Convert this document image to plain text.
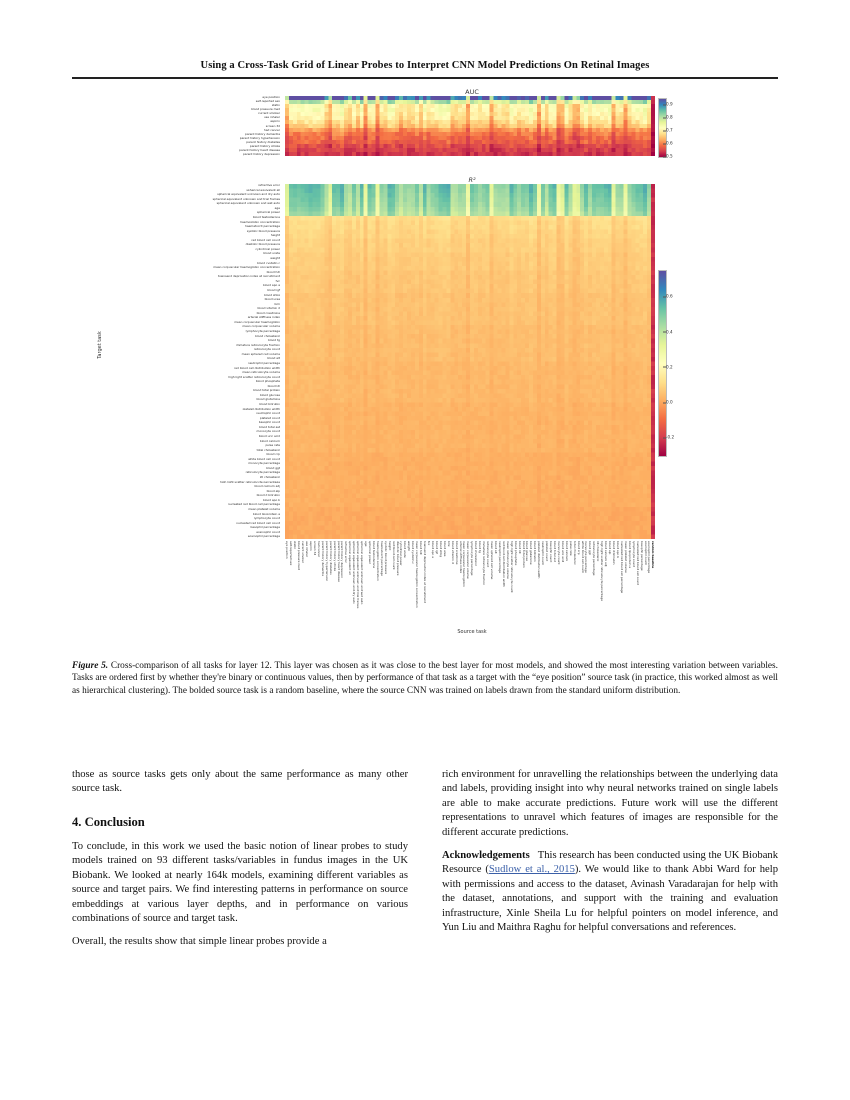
Using a Cross-Task Grid of Linear Probes to Interpret CNN Model Predictions On Retinal Images
AUC
eye position
self-reported sex
statin
blood pressure med
current smoker
use inhaler
aspirin
screen 3d
had cancer
parent history dementia
parent history hypertension
parent history diabetes
parent history stroke
parent history heart disease
parent history depression
0.9
0.8
0.7
0.6
0.5
R²
refractive error
spherical equivalent all
spherical equivalent unknown and dry auto
spherical equivalent unknown and trial frames
spherical equivalent unknown and wet auto
age
spherical power
blood testosterone
haemoglobin concentration
haematocrit percentage
systolic blood pressure
height
red blood cell count
diastolic blood pressure
cylindrical power
blood urate
weight
blood cystatin c
mean corpuscular haemoglobin concentration
blood hdl
townsend deprivation index at recruitment
fvc
blood apo a
blood igf
blood shbg
blood urea
bmi
blood vitamin d
blood creatinine
arterial stiffness index
mean corpuscular haemoglobin
mean corpuscular volume
lymphocyte percentage
blood cholesterol
blood tg
immature reticulocyte fraction
reticulocyte count
mean sphered cell volume
blood alt
neutrophil percentage
red blood cell distribution width
mean reticulocyte volume
high light scatter reticulocyte count
blood phosphate
blood ldl
blood total protein
blood glucose
blood glutamine
blood bilirubin
platelet distribution width
neutrophil count
platelet count
basophil count
blood total ast
monocyte count
blood uric acid
blood calcium
pulse rate
total cholesterol
blood crp
white blood cell count
monocyte percentage
blood ggt
reticulocyte percentage
ldl cholesterol
high light scatter reticulocyte percentage
blood calcium adj
blood alp
blood d bilirubin
blood apo b
nucleated red blood cell percentage
mean platelet volume
blood lipoprotein a
lymphocyte count
nucleated red blood cell count
basophil percentage
eosinophil count
eosinophil percentage
0.6
0.4
0.2
0.0
-0.2
eye position self-reported sex statin blood pressure med current smoker use inhaler aspirin screen 3d had cancer parent history dementia parent history hypertension parent history diabetes parent history stroke parent history heart disease parent history depression refractive error spherical equivalent all spherical equivalent unknown and dry auto spherical equivalent unknown and trial frames spherical equivalent unknown and wet auto age spherical power blood testosterone haemoglobin concentration haematocrit percentage systolic blood pressure height red blood cell count diastolic blood pressure cylindrical power blood urate weight blood cystatin c mean corpuscular haemoglobin concentration blood hdl townsend deprivation index at recruitment fvc blood apo a blood igf blood shbg blood urea bmi blood vitamin d blood creatinine arterial stiffness index mean corpuscular haemoglobin mean corpuscular volume lymphocyte percentage blood cholesterol blood tg immature reticulocyte fraction reticulocyte count mean sphered cell volume blood alt neutrophil percentage red blood cell distribution width mean reticulocyte volume high light scatter reticulocyte count blood phosphate blood ldl blood total protein blood glucose blood glutamine blood bilirubin platelet distribution width neutrophil count platelet count basophil count blood total ast monocyte count blood uric acid blood calcium pulse rate total cholesterol blood crp white blood cell count monocyte percentage blood ggt reticulocyte percentage ldl cholesterol high light scatter reticulocyte percentage blood calcium adj blood alp blood d bilirubin blood apo b nucleated red blood cell percentage mean platelet volume blood lipoprotein a lymphocyte count nucleated red blood cell count basophil percentage eosinophil count eosinophil percentage random baseline
Source task
Target task
Figure 5. Cross-comparison of all tasks for layer 12. This layer was chosen as it was close to the best layer for most models, and showed the most interesting variation between variables. Tasks are ordered first by whether they're binary or continuous values, then by performance of that task as a target with the “eye position” source task (in practice, this worked almost as well as hierarchical clustering). The bolded source task is a random baseline, where the source CNN was trained on labels drawn from the standard uniform distribution.

those as source tasks gets only about the same performance as many other source task.

4. Conclusion

To conclude, in this work we used the basic notion of linear probes to study models trained on 93 different tasks/variables in fundus images in the UK Biobank. We looked at nearly 164k models, examining different variables as source and target pairs. We find interesting patterns in performance on source embeddings at various layer depths, and in performance on various combinations of source and target task.

Overall, the results show that simple linear probes provide a

rich environment for unravelling the relationships between the underlying data and labels, providing insight into why neural networks trained on single labels are able to make accurate predictions. Future work will use the different representations to unravel which features of images are responsible for the different accurate predictions.

Acknowledgements This research has been conducted using the UK Biobank Resource (Sudlow et al., 2015). We would like to thank Abbi Ward for help with permissions and access to the dataset, Avinash Varadarajan for help with the dataset, annotations, and support with the training and evaluation infrastructure, Xinle Sheila Lu for helpful pointers on model inference, and Yun Liu and Maithra Raghu for helpful conversations and references.
